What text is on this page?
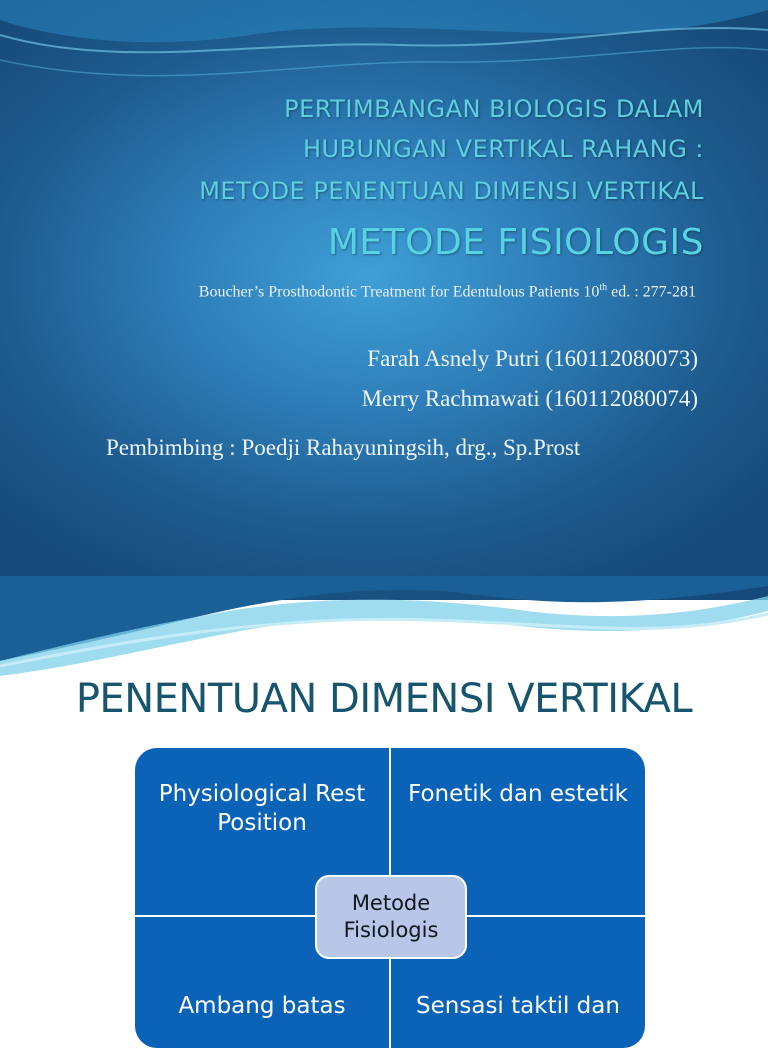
PERTIMBANGAN BIOLOGIS DALAM
HUBUNGAN VERTIKAL RAHANG :
METODE PENENTUAN DIMENSI VERTIKAL
METODE FISIOLOGIS
Boucher’s Prosthodontic Treatment for Edentulous Patients 10th ed. : 277-281
Farah Asnely Putri (160112080073)
Merry Rachmawati (160112080074)
Pembimbing : Poedji Rahayuningsih, drg., Sp.Prost
PENENTUAN DIMENSI VERTIKAL
Physiological Rest Position
Fonetik dan estetik
Ambang batas	Sensasi taktil dan
Metode Fisiologis
